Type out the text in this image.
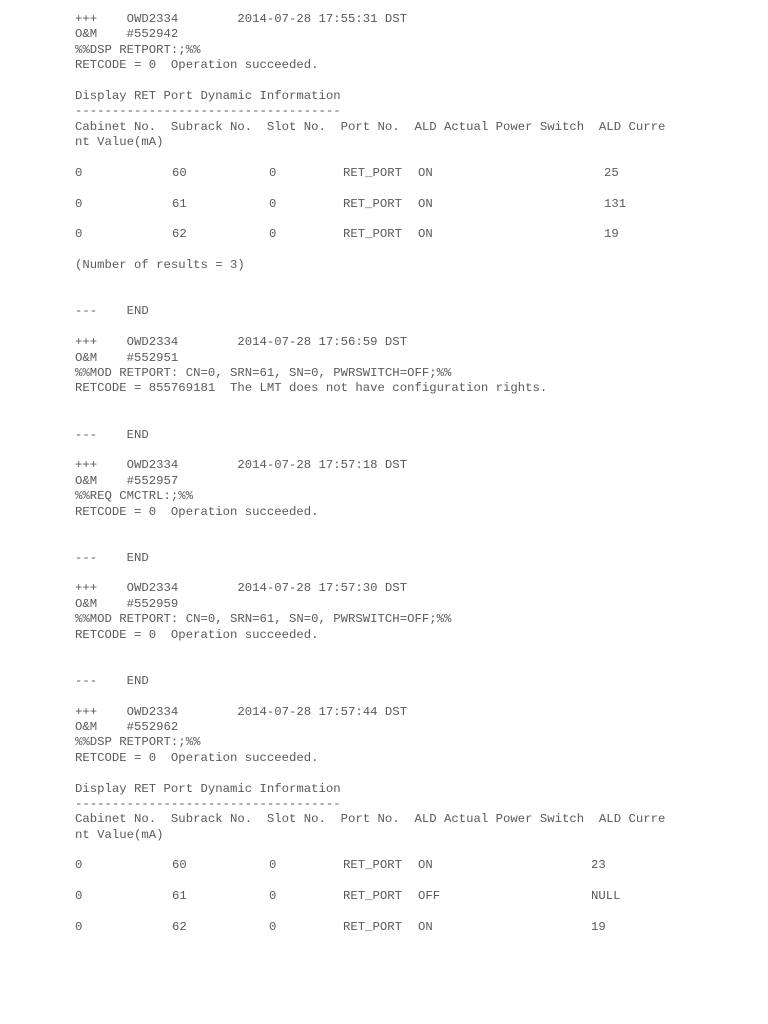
+++    OWD2334        2014-07-28 17:55:31 DST
O&M    #552942
%%DSP RETPORT:;%%
RETCODE = 0  Operation succeeded.
Display RET Port Dynamic Information
------------------------------------
Cabinet No.  Subrack No.  Slot No.  Port No.  ALD Actual Power Switch  ALD Curre
nt Value(mA)
0	60	0	RET_PORT	ON	25
0	61	0	RET_PORT	ON	131
0	62	0	RET_PORT	ON	19
(Number of results = 3)
---    END
+++    OWD2334        2014-07-28 17:56:59 DST
O&M    #552951
%%MOD RETPORT: CN=0, SRN=61, SN=0, PWRSWITCH=OFF;%%
RETCODE = 855769181  The LMT does not have configuration rights.
---    END
+++    OWD2334        2014-07-28 17:57:18 DST
O&M    #552957
%%REQ CMCTRL:;%%
RETCODE = 0  Operation succeeded.
---    END
+++    OWD2334        2014-07-28 17:57:30 DST
O&M    #552959
%%MOD RETPORT: CN=0, SRN=61, SN=0, PWRSWITCH=OFF;%%
RETCODE = 0  Operation succeeded.
---    END
+++    OWD2334        2014-07-28 17:57:44 DST
O&M    #552962
%%DSP RETPORT:;%%
RETCODE = 0  Operation succeeded.
Display RET Port Dynamic Information
------------------------------------
Cabinet No.  Subrack No.  Slot No.  Port No.  ALD Actual Power Switch  ALD Curre
nt Value(mA)
0	60	0	RET_PORT	ON	23
0	61	0	RET_PORT	OFF	NULL
0	62	0	RET_PORT	ON	19
